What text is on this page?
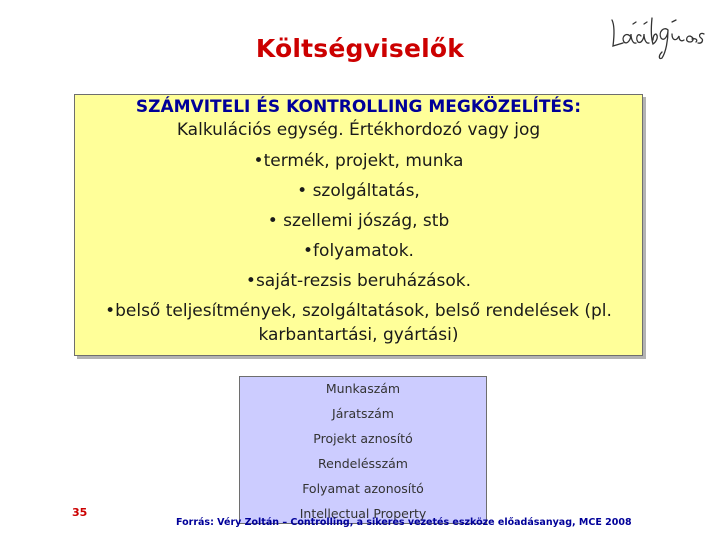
Költségviselők
SZÁMVITELI ÉS KONTROLLING MEGKÖZELÍTÉS:
Kalkulációs egység. Értékhordozó vagy jog
•termék, projekt, munka
• szolgáltatás,
• szellemi jószág, stb
•folyamatok.
•saját-rezsis beruházások.
•belső teljesítmények, szolgáltatások, belső rendelések (pl.
karbantartási, gyártási)
Munkaszám
Járatszám
Projekt aznosító
Rendelésszám
Folyamat azonosító
Intellectual Property
35
Forrás: Véry Zoltán – Controlling, a sikeres vezetés eszköze előadásanyag, MCE 2008
